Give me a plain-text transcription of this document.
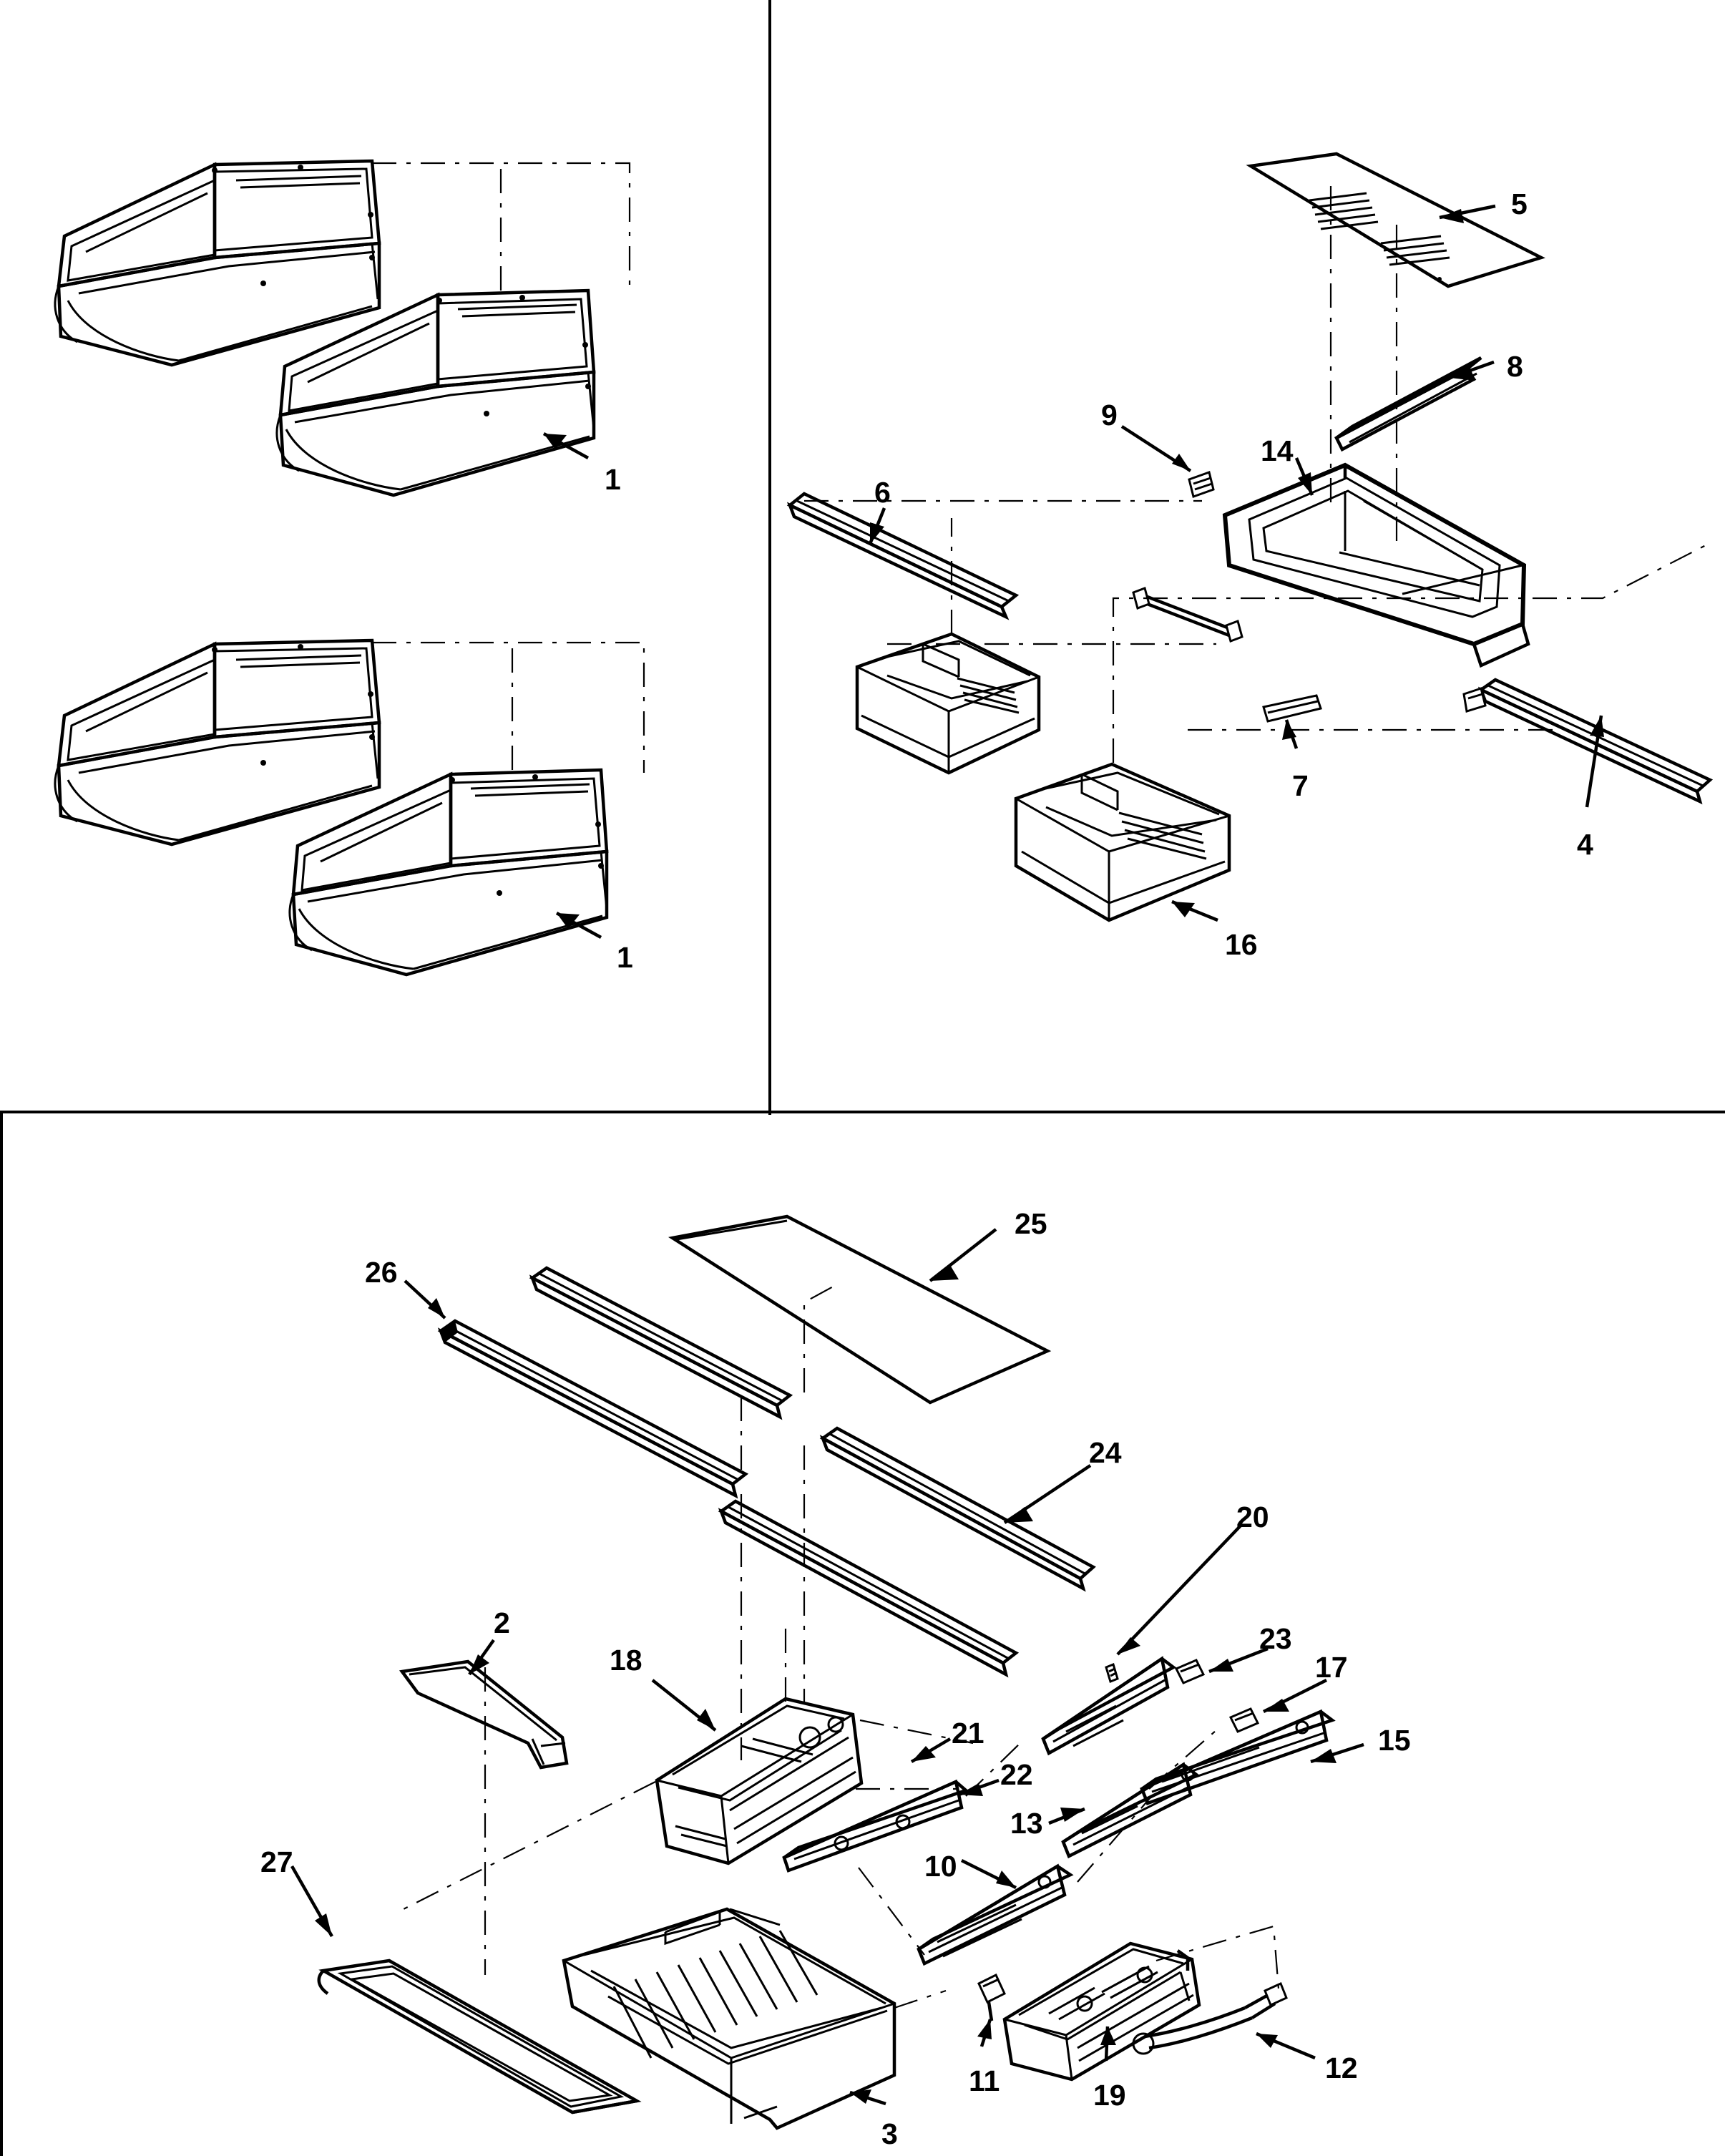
1
1
5
8
9
14
6
7
4
16
25
26
24
20
23
17
2
18
21	15
22
13
10
27
11	19
12
3
